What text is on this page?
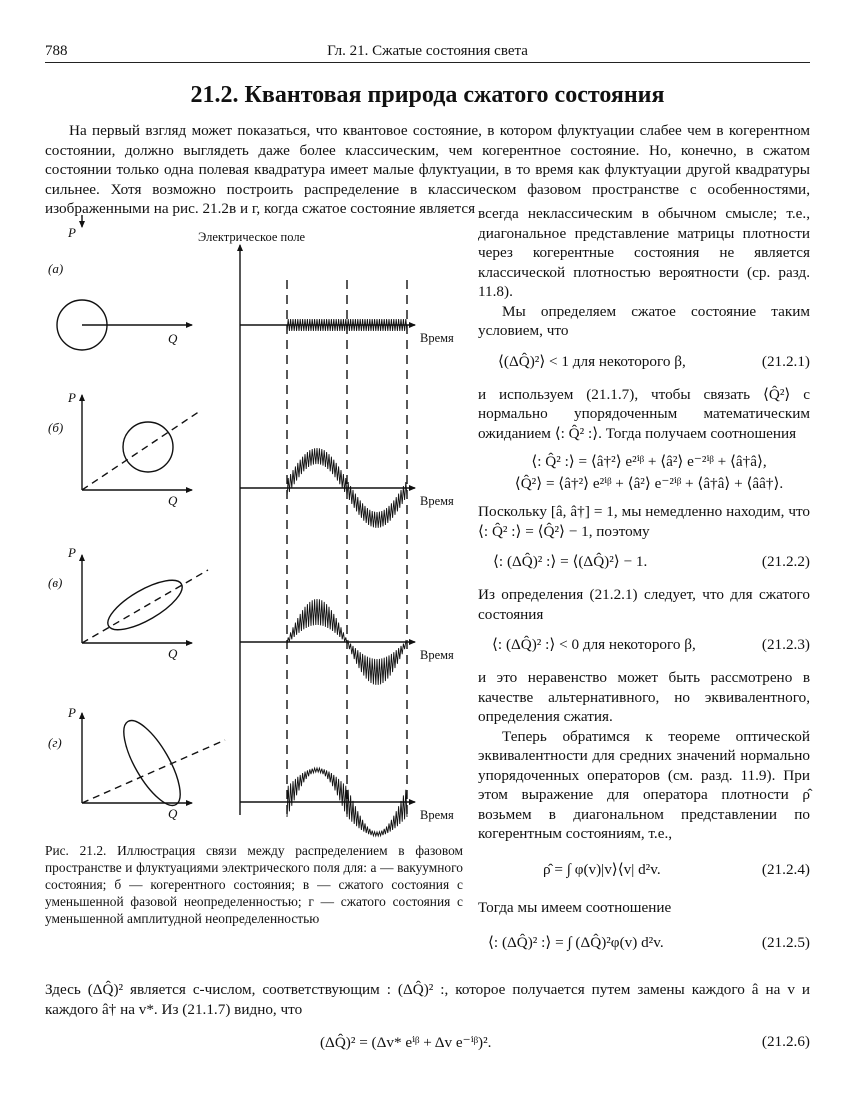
788	Гл. 21. Сжатые состояния света
21.2. Квантовая природа сжатого состояния
На первый взгляд может показаться, что квантовое состояние, в котором флуктуации слабее чем в когерентном состоянии, должно выглядеть даже более классическим, чем когерентное состояние. Но, конечно, в сжатом состоянии только одна полевая квадратура имеет малые флуктуации, в то время как флуктуации другой квадратуры сильнее. Хотя возможно построить распределение в классическом фазовом пространстве с особенностями, изображенными на рис. 21.2в и г, когда сжатое состояние является
P
Q
P
Q
P
Q
P
Q
(а)
(б)
(в)
(г)
Электрическое поле
Время
Время
Время
Время
Рис. 21.2. Иллюстрация связи между распределением в фазовом пространстве и флуктуациями электрического поля для: а — вакуумного состояния; б — когерентного состояния; в — сжатого состояния с уменьшенной фазовой неопределенностью; г — сжатого состояния с уменьшенной амплитудной неопределенностью

всегда неклассическим в обычном смысле; т.е., диагональное представление матрицы плотности через когерентные состояния не является классической плотностью вероятности (ср. разд. 11.8).

Мы определяем сжатое состояние таким условием, что

⟨(ΔQ̂)²⟩ < 1 для некоторого β,	(21.2.1)

и используем (21.1.7), чтобы связать ⟨Q̂²⟩ с нормально упорядоченным математическим ожиданием ⟨: Q̂² :⟩. Тогда получаем соотношения

⟨: Q̂² :⟩ = ⟨â†²⟩ e²ⁱᵝ + ⟨â²⟩ e⁻²ⁱᵝ + ⟨â†â⟩,
⟨Q̂²⟩ = ⟨â†²⟩ e²ⁱᵝ + ⟨â²⟩ e⁻²ⁱᵝ + ⟨â†â⟩ + ⟨ââ†⟩.

Поскольку [â, â†] = 1, мы немедленно находим, что ⟨: Q̂² :⟩ = ⟨Q̂²⟩ − 1, поэтому

⟨: (ΔQ̂)² :⟩ = ⟨(ΔQ̂)²⟩ − 1.	(21.2.2)

Из определения (21.2.1) следует, что для сжатого состояния

⟨: (ΔQ̂)² :⟩ < 0 для некоторого β,	(21.2.3)

и это неравенство может быть рассмотрено в качестве альтернативного, но эквивалентного, определения сжатия.

Теперь обратимся к теореме оптической эквивалентности для средних значений нормально упорядоченных операторов (см. разд. 11.9). При этом выражение для оператора плотности ρ̂ возьмем в диагональном представлении по когерентным состояниям, т.е.,

ρ̂ = ∫ φ(v)|v⟩⟨v| d²v.	(21.2.4)

Тогда мы имеем соотношение

⟨: (ΔQ̂)² :⟩ = ∫ (ΔQ̂)²φ(v) d²v.	(21.2.5)
Здесь (ΔQ̂)² является c-числом, соответствующим : (ΔQ̂)² :, которое получается путем замены каждого â на v и каждого â† на v*. Из (21.1.7) видно, что
(ΔQ̂)² = (Δv* eⁱᵝ + Δv e⁻ⁱᵝ)².	(21.2.6)
